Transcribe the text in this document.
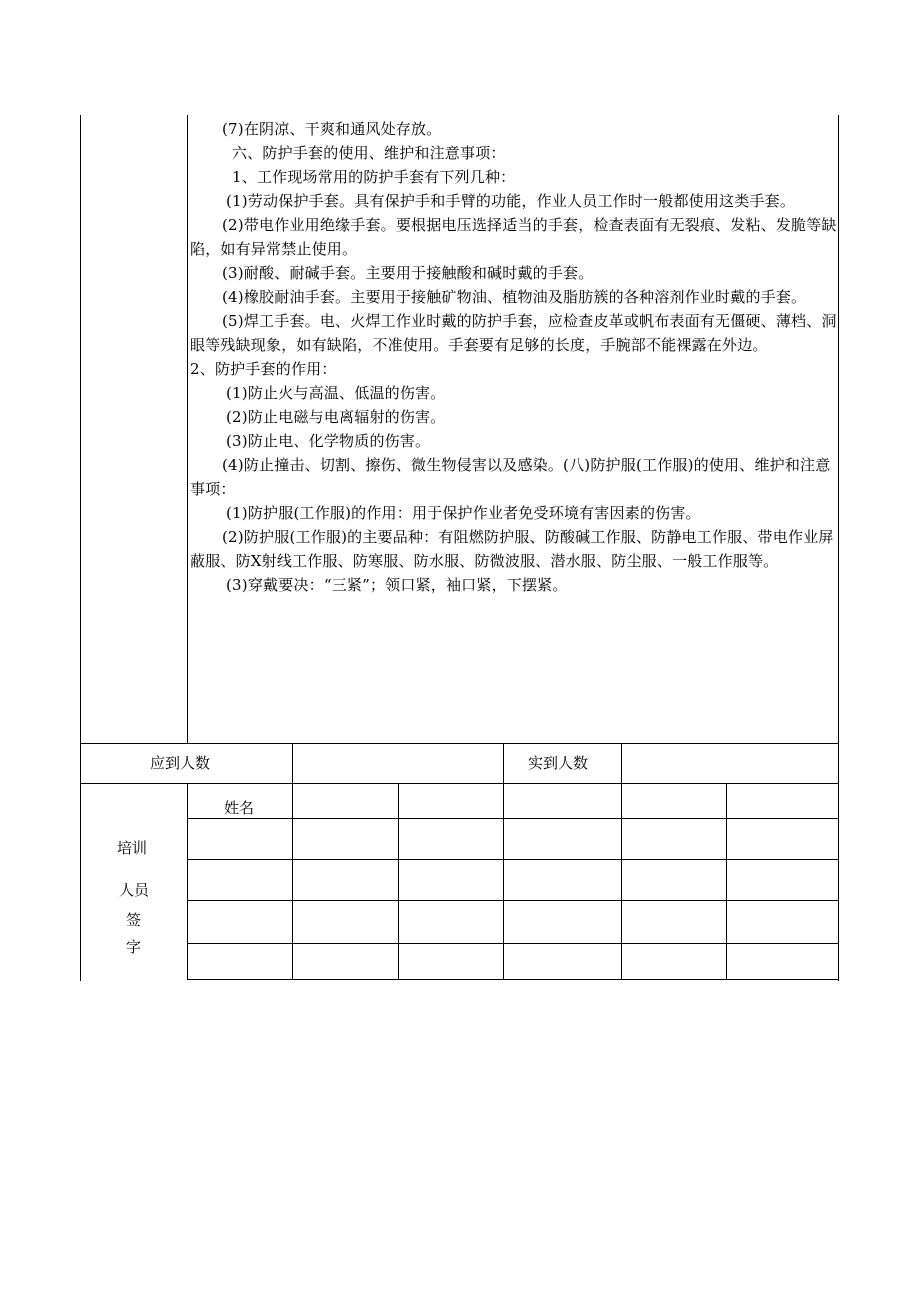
(7)在阴凉、干爽和通风处存放。

六、防护手套的使用、维护和注意事项：

1、工作现场常用的防护手套有下列几种：

(1)劳动保护手套。具有保护手和手臂的功能，作业人员工作时一般都使用这类手套。

(2)带电作业用绝缘手套。要根据电压选择适当的手套，检查表面有无裂痕、发粘、发脆等缺陷，如有异常禁止使用。

(3)耐酸、耐碱手套。主要用于接触酸和碱时戴的手套。

(4)橡胶耐油手套。主要用于接触矿物油、植物油及脂肪簇的各种溶剂作业时戴的手套。

(5)焊工手套。电、火焊工作业时戴的防护手套，应检查皮革或帆布表面有无僵硬、薄档、洞眼等残缺现象，如有缺陷，不准使用。手套要有足够的长度，手腕部不能裸露在外边。

2、防护手套的作用：

(1)防止火与高温、低温的伤害。

(2)防止电磁与电离辐射的伤害。

(3)防止电、化学物质的伤害。

(4)防止撞击、切割、擦伤、微生物侵害以及感染。(八)防护服(工作服)的使用、维护和注意事项：

(1)防护服(工作服)的作用：用于保护作业者免受环境有害因素的伤害。

(2)防护服(工作服)的主要品种：有阻燃防护服、防酸碱工作服、防静电工作服、带电作业屏蔽服、防X射线工作服、防寒服、防水服、防微波服、潜水服、防尘服、一般工作服等。

(3)穿戴要决：“三紧”；领口紧，袖口紧，下摆紧。

应到人数	实到人数
姓名
培训
人员
签
字
